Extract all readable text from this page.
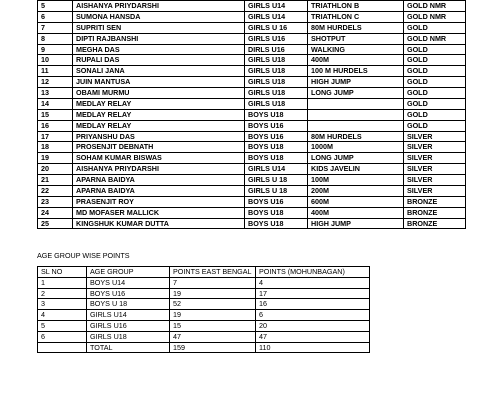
5	AISHANYA PRIYDARSHI	GIRLS U14	TRIATHLON B	GOLD NMR
6	SUMONA HANSDA	GIRLS U14	TRIATHLON C	GOLD NMR
7	SUPRITI SEN	GIRLS U 16	80M HURDELS	GOLD
8	DIPTI RAJBANSHI	GIRLS U16	SHOTPUT	GOLD NMR
9	MEGHA DAS	DIRLS U16	WALKING	GOLD
10	RUPALI DAS	GIRLS U18	400M	GOLD
11	SONALI JANA	GIRLS U18	100 M HURDELS	GOLD
12	JUIN MANTUSA	GIRLS U18	HIGH JUMP	GOLD
13	OBAMI MURMU	GIRLS U18	LONG JUMP	GOLD
14	MEDLAY RELAY	GIRLS U18		GOLD
15	MEDLAY RELAY	BOYS U18		GOLD
16	MEDLAY RELAY	BOYS U16		GOLD
17	PRIYANSHU DAS	BOYS U16	80M HURDELS	SILVER
18	PROSENJIT DEBNATH	BOYS U18	1000M	SILVER
19	SOHAM KUMAR BISWAS	BOYS U18	LONG JUMP	SILVER
20	AISHANYA PRIYDARSHI	GIRLS U14	KIDS JAVELIN	SILVER
21	APARNA BAIDYA	GIRLS U 18	100M	SILVER
22	APARNA BAIDYA	GIRLS U 18	200M	SILVER
23	PRASENJIT ROY	BOYS U16	600M	BRONZE
24	MD MOFASER MALLICK	BOYS U18	400M	BRONZE
25	KINGSHUK KUMAR DUTTA	BOYS U18	HIGH JUMP	BRONZE
AGE GROUP WISE POINTS
SL NO	AGE GROUP	POINTS EAST BENGAL	POINTS (MOHUNBAGAN)
1	BOYS U14	7	4
2	BOYS U16	19	17
3	BOYS U 18	52	16
4	GIRLS U14	19	6
5	GIRLS U16	15	20
6	GIRLS U18	47	47
	TOTAL	159	110
